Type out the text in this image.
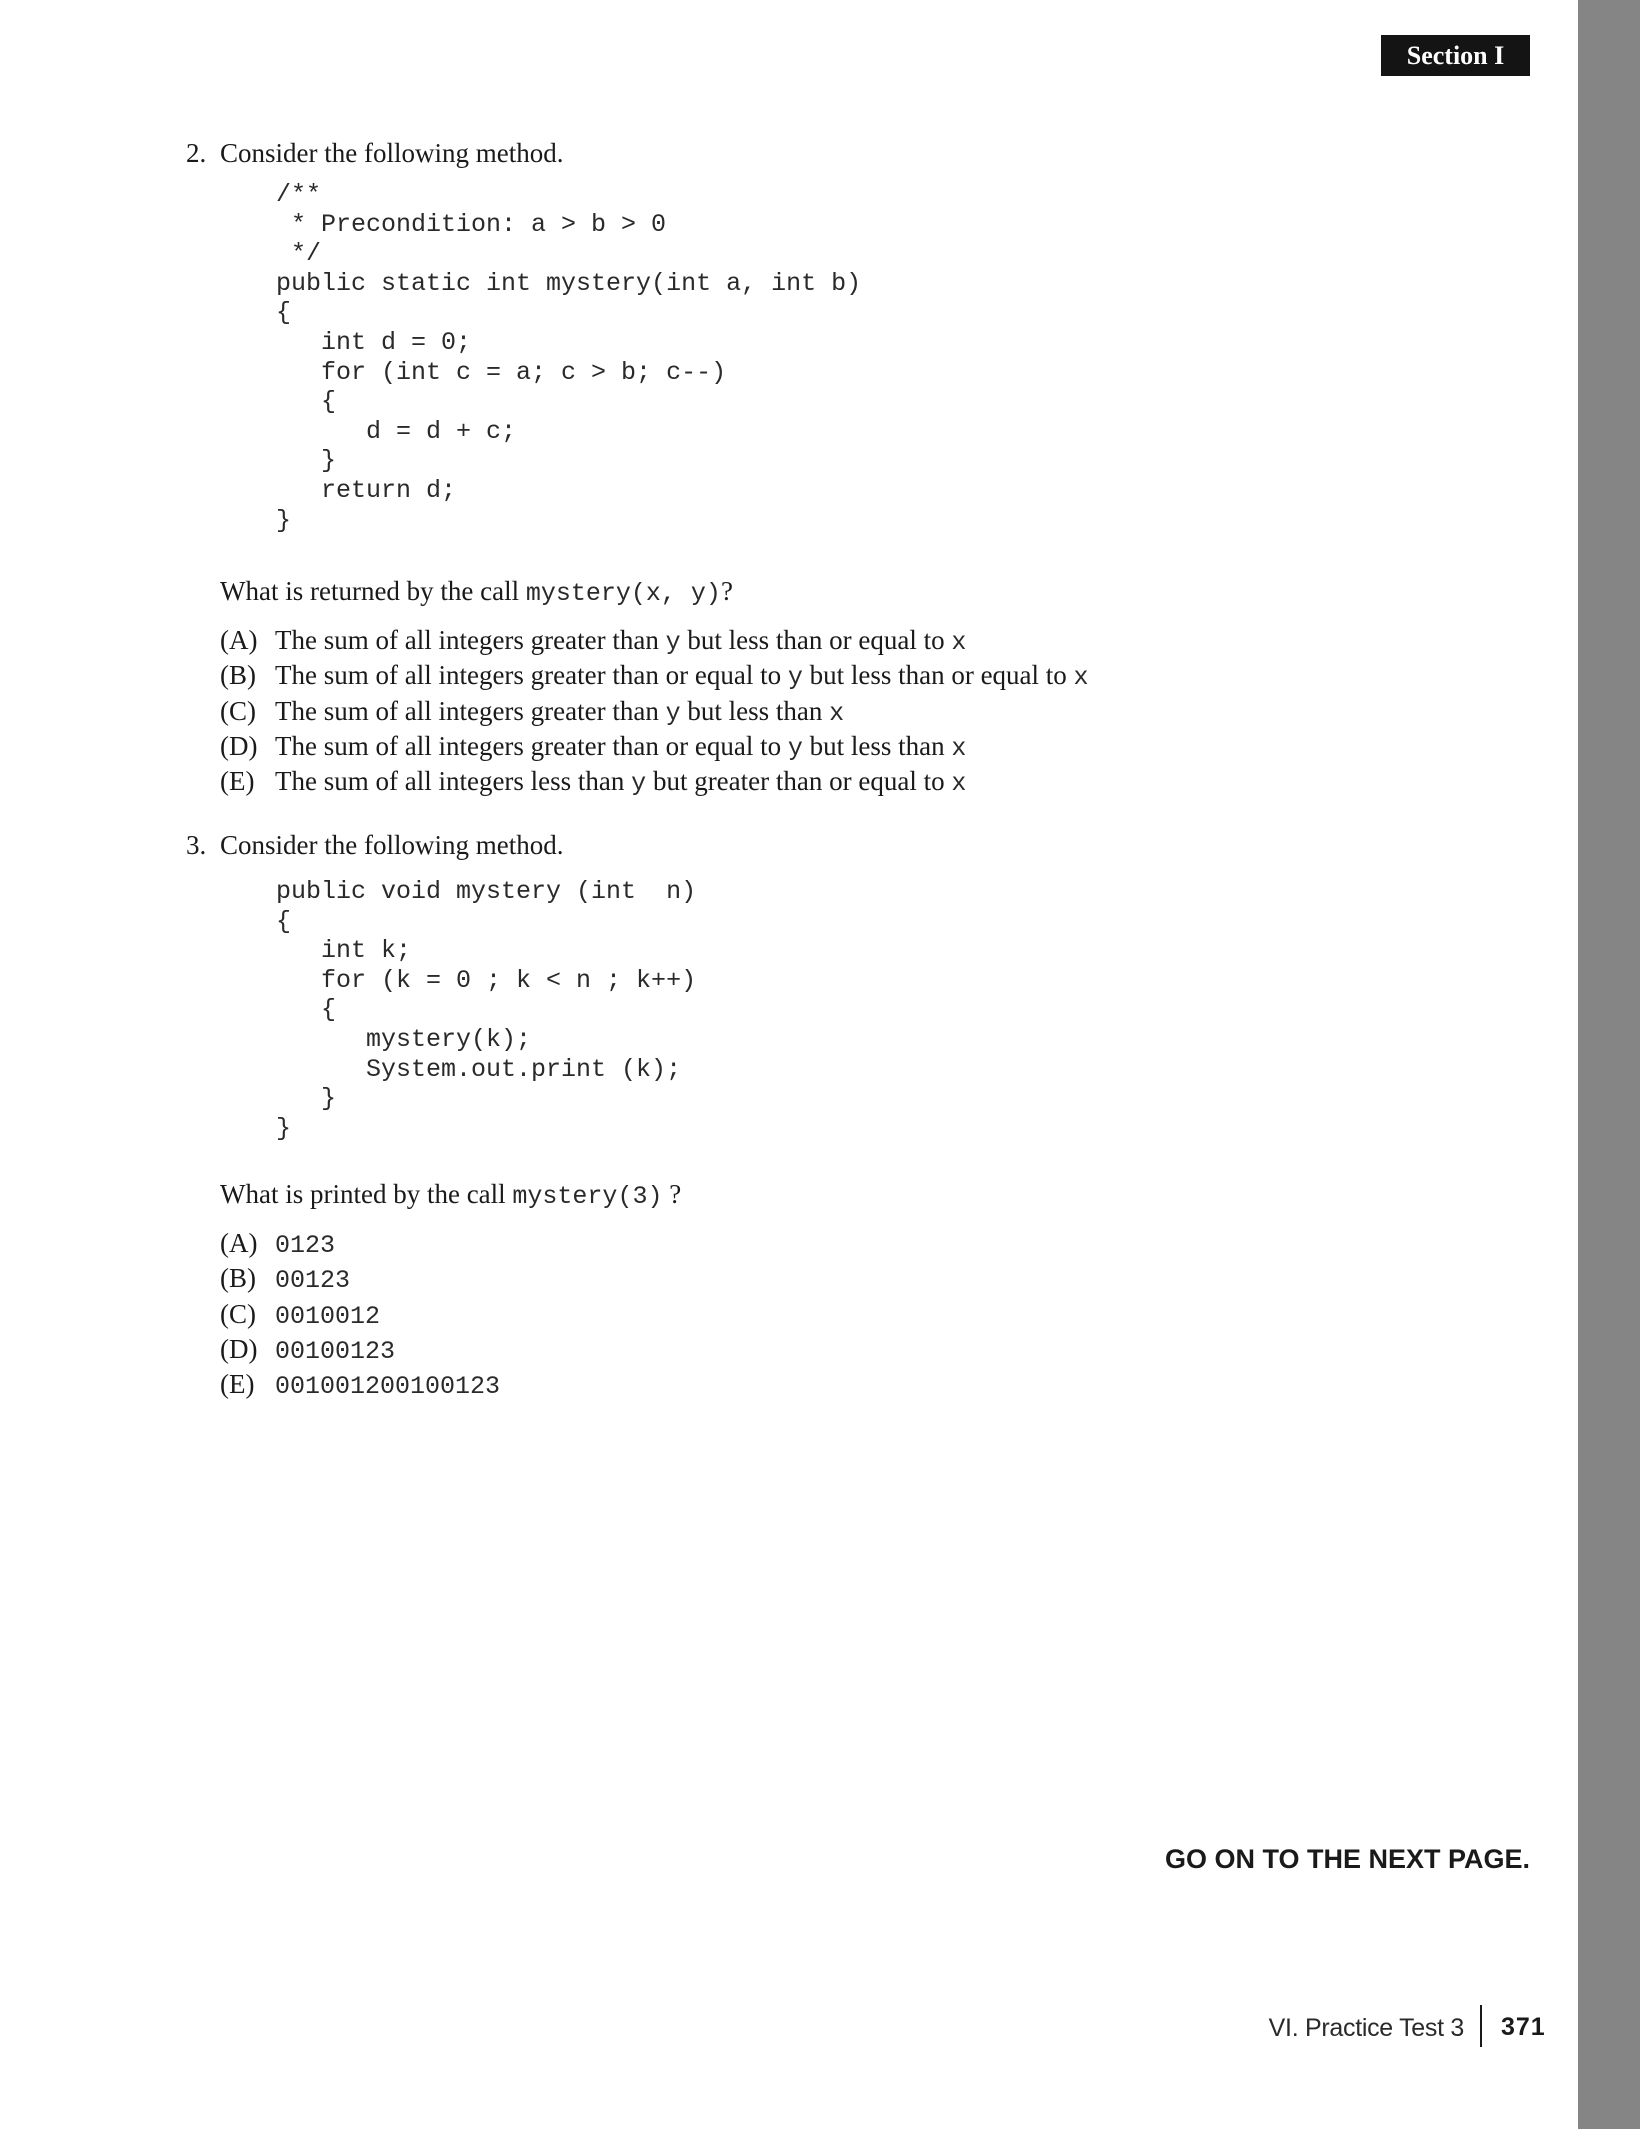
Section I
2. Consider the following method.
/**
* Precondition: a > b > 0
*/
public static int mystery(int a, int b)
{
int d = 0;
for (int c = a; c > b; c--)
{
d = d + c;
}
return d;
}
What is returned by the call mystery(x, y)?
(A) The sum of all integers greater than y but less than or equal to x
(B) The sum of all integers greater than or equal to y but less than or equal to x
(C) The sum of all integers greater than y but less than x
(D) The sum of all integers greater than or equal to y but less than x
(E) The sum of all integers less than y but greater than or equal to x
3. Consider the following method.
public void mystery (int  n)
{
int k;
for (k = 0 ; k < n ; k++)
{
mystery(k);
System.out.print (k);
}
}
What is printed by the call mystery(3) ?
(A) 0123
(B) 00123
(C) 0010012
(D) 00100123
(E) 001001200100123
GO ON TO THE NEXT PAGE.
VI. Practice Test 3 371
